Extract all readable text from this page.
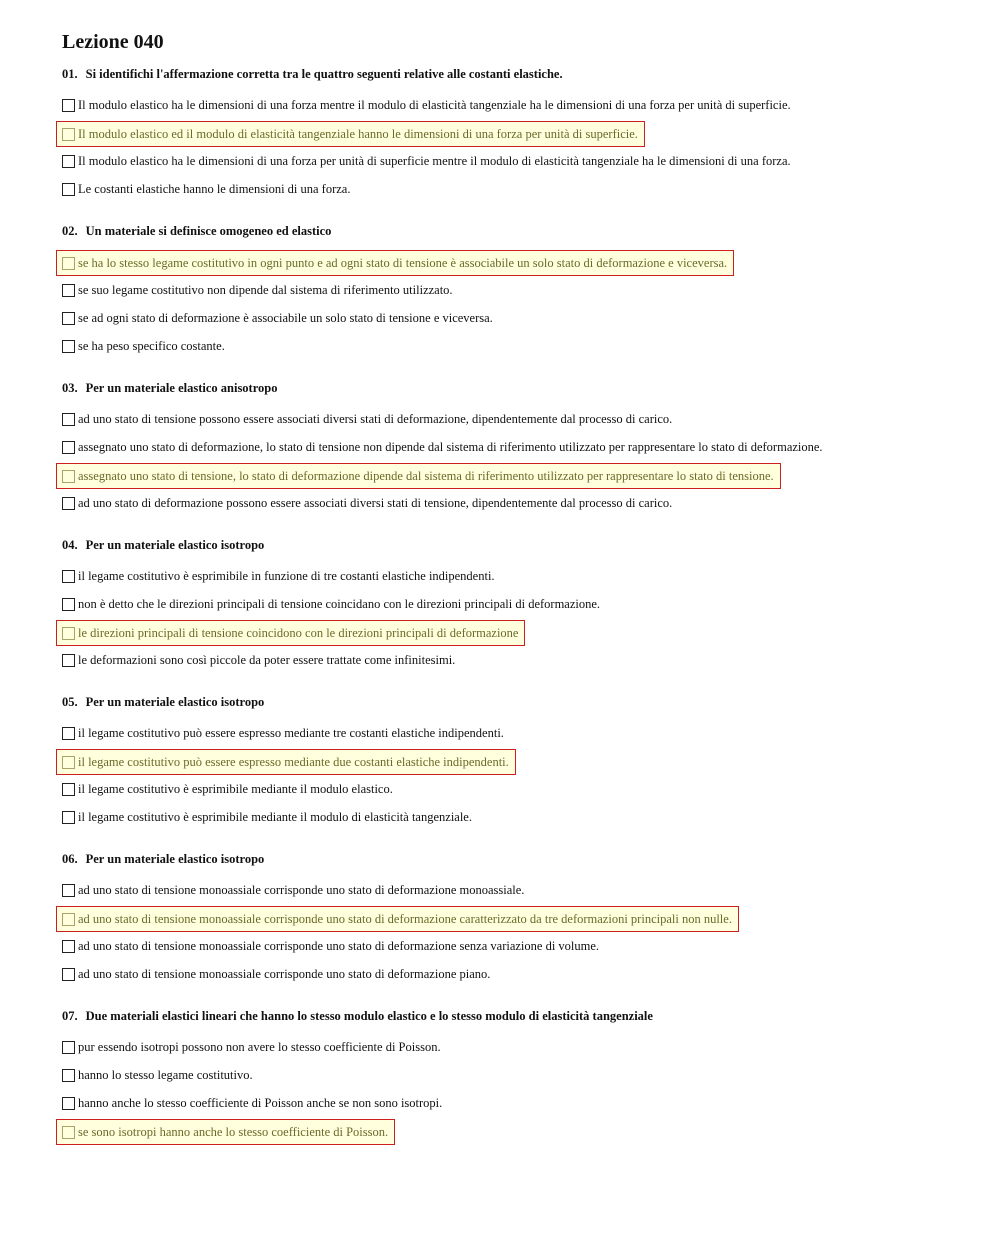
Lezione 040
01. Si identifichi l'affermazione corretta tra le quattro seguenti relative alle costanti elastiche.
Il modulo elastico ha le dimensioni di una forza mentre il modulo di elasticità tangenziale ha le dimensioni di una forza per unità di superficie.
Il modulo elastico ed il modulo di elasticità tangenziale hanno le dimensioni di una forza per unità di superficie.
Il modulo elastico ha le dimensioni di una forza per unità di superficie mentre il modulo di elasticità tangenziale ha le dimensioni di una forza.
Le costanti elastiche hanno le dimensioni di una forza.
02. Un materiale si definisce omogeneo ed elastico
se ha lo stesso legame costitutivo in ogni punto e ad ogni stato di tensione è associabile un solo stato di deformazione e viceversa.
se suo legame costitutivo non dipende dal sistema di riferimento utilizzato.
se ad ogni stato di deformazione è associabile un solo stato di tensione e viceversa.
se ha peso specifico costante.
03. Per un materiale elastico anisotropo
ad uno stato di tensione possono essere associati diversi stati di deformazione, dipendentemente dal processo di carico.
assegnato uno stato di deformazione, lo stato di tensione non dipende dal sistema di riferimento utilizzato per rappresentare lo stato di deformazione.
assegnato uno stato di tensione, lo stato di deformazione dipende dal sistema di riferimento utilizzato per rappresentare lo stato di tensione.
ad uno stato di deformazione possono essere associati diversi stati di tensione, dipendentemente dal processo di carico.
04. Per un materiale elastico isotropo
il legame costitutivo è esprimibile in funzione di tre costanti elastiche indipendenti.
non è detto che le direzioni principali di tensione coincidano con le direzioni principali di deformazione.
le direzioni principali di tensione coincidono con le direzioni principali di deformazione
le deformazioni sono così piccole da poter essere trattate come infinitesimi.
05. Per un materiale elastico isotropo
il legame costitutivo può essere espresso mediante tre costanti elastiche indipendenti.
il legame costitutivo può essere espresso mediante due costanti elastiche indipendenti.
il legame costitutivo è esprimibile mediante il modulo elastico.
il legame costitutivo è esprimibile mediante il modulo di elasticità tangenziale.
06. Per un materiale elastico isotropo
ad uno stato di tensione monoassiale corrisponde uno stato di deformazione monoassiale.
ad uno stato di tensione monoassiale corrisponde uno stato di deformazione caratterizzato da tre deformazioni principali non nulle.
ad uno stato di tensione monoassiale corrisponde uno stato di deformazione senza variazione di volume.
ad uno stato di tensione monoassiale corrisponde uno stato di deformazione piano.
07. Due materiali elastici lineari che hanno lo stesso modulo elastico e lo stesso modulo di elasticità tangenziale
pur essendo isotropi possono non avere lo stesso coefficiente di Poisson.
hanno lo stesso legame costitutivo.
hanno anche lo stesso coefficiente di Poisson anche se non sono isotropi.
se sono isotropi hanno anche lo stesso coefficiente di Poisson.
